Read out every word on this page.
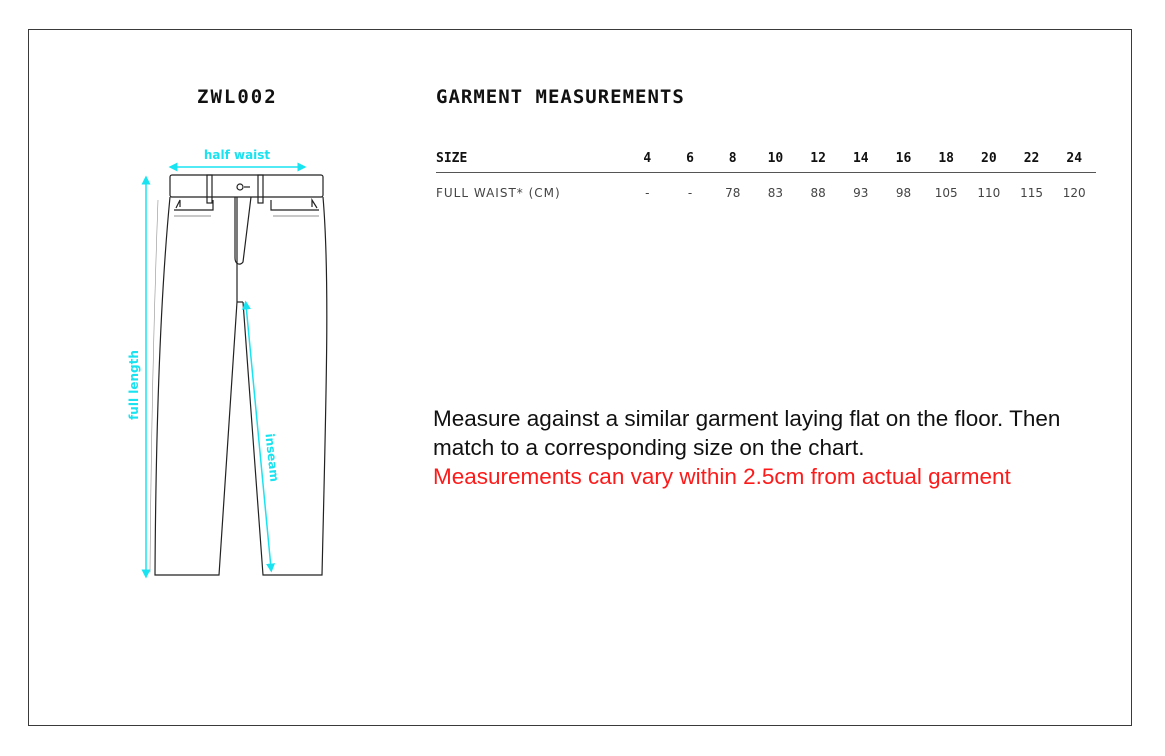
ZWL002	GARMENT MEASUREMENTS
SIZE	4	6	8	10	12	14	16	18	20	22	24
FULL WAIST* (CM)	-	-	78	83	88	93	98	105	110	115	120
half waist
full length
inseam
Measure against a similar garment laying flat on the floor. Then match to a corresponding size on the chart.
Measurements can vary within 2.5cm from actual garment
